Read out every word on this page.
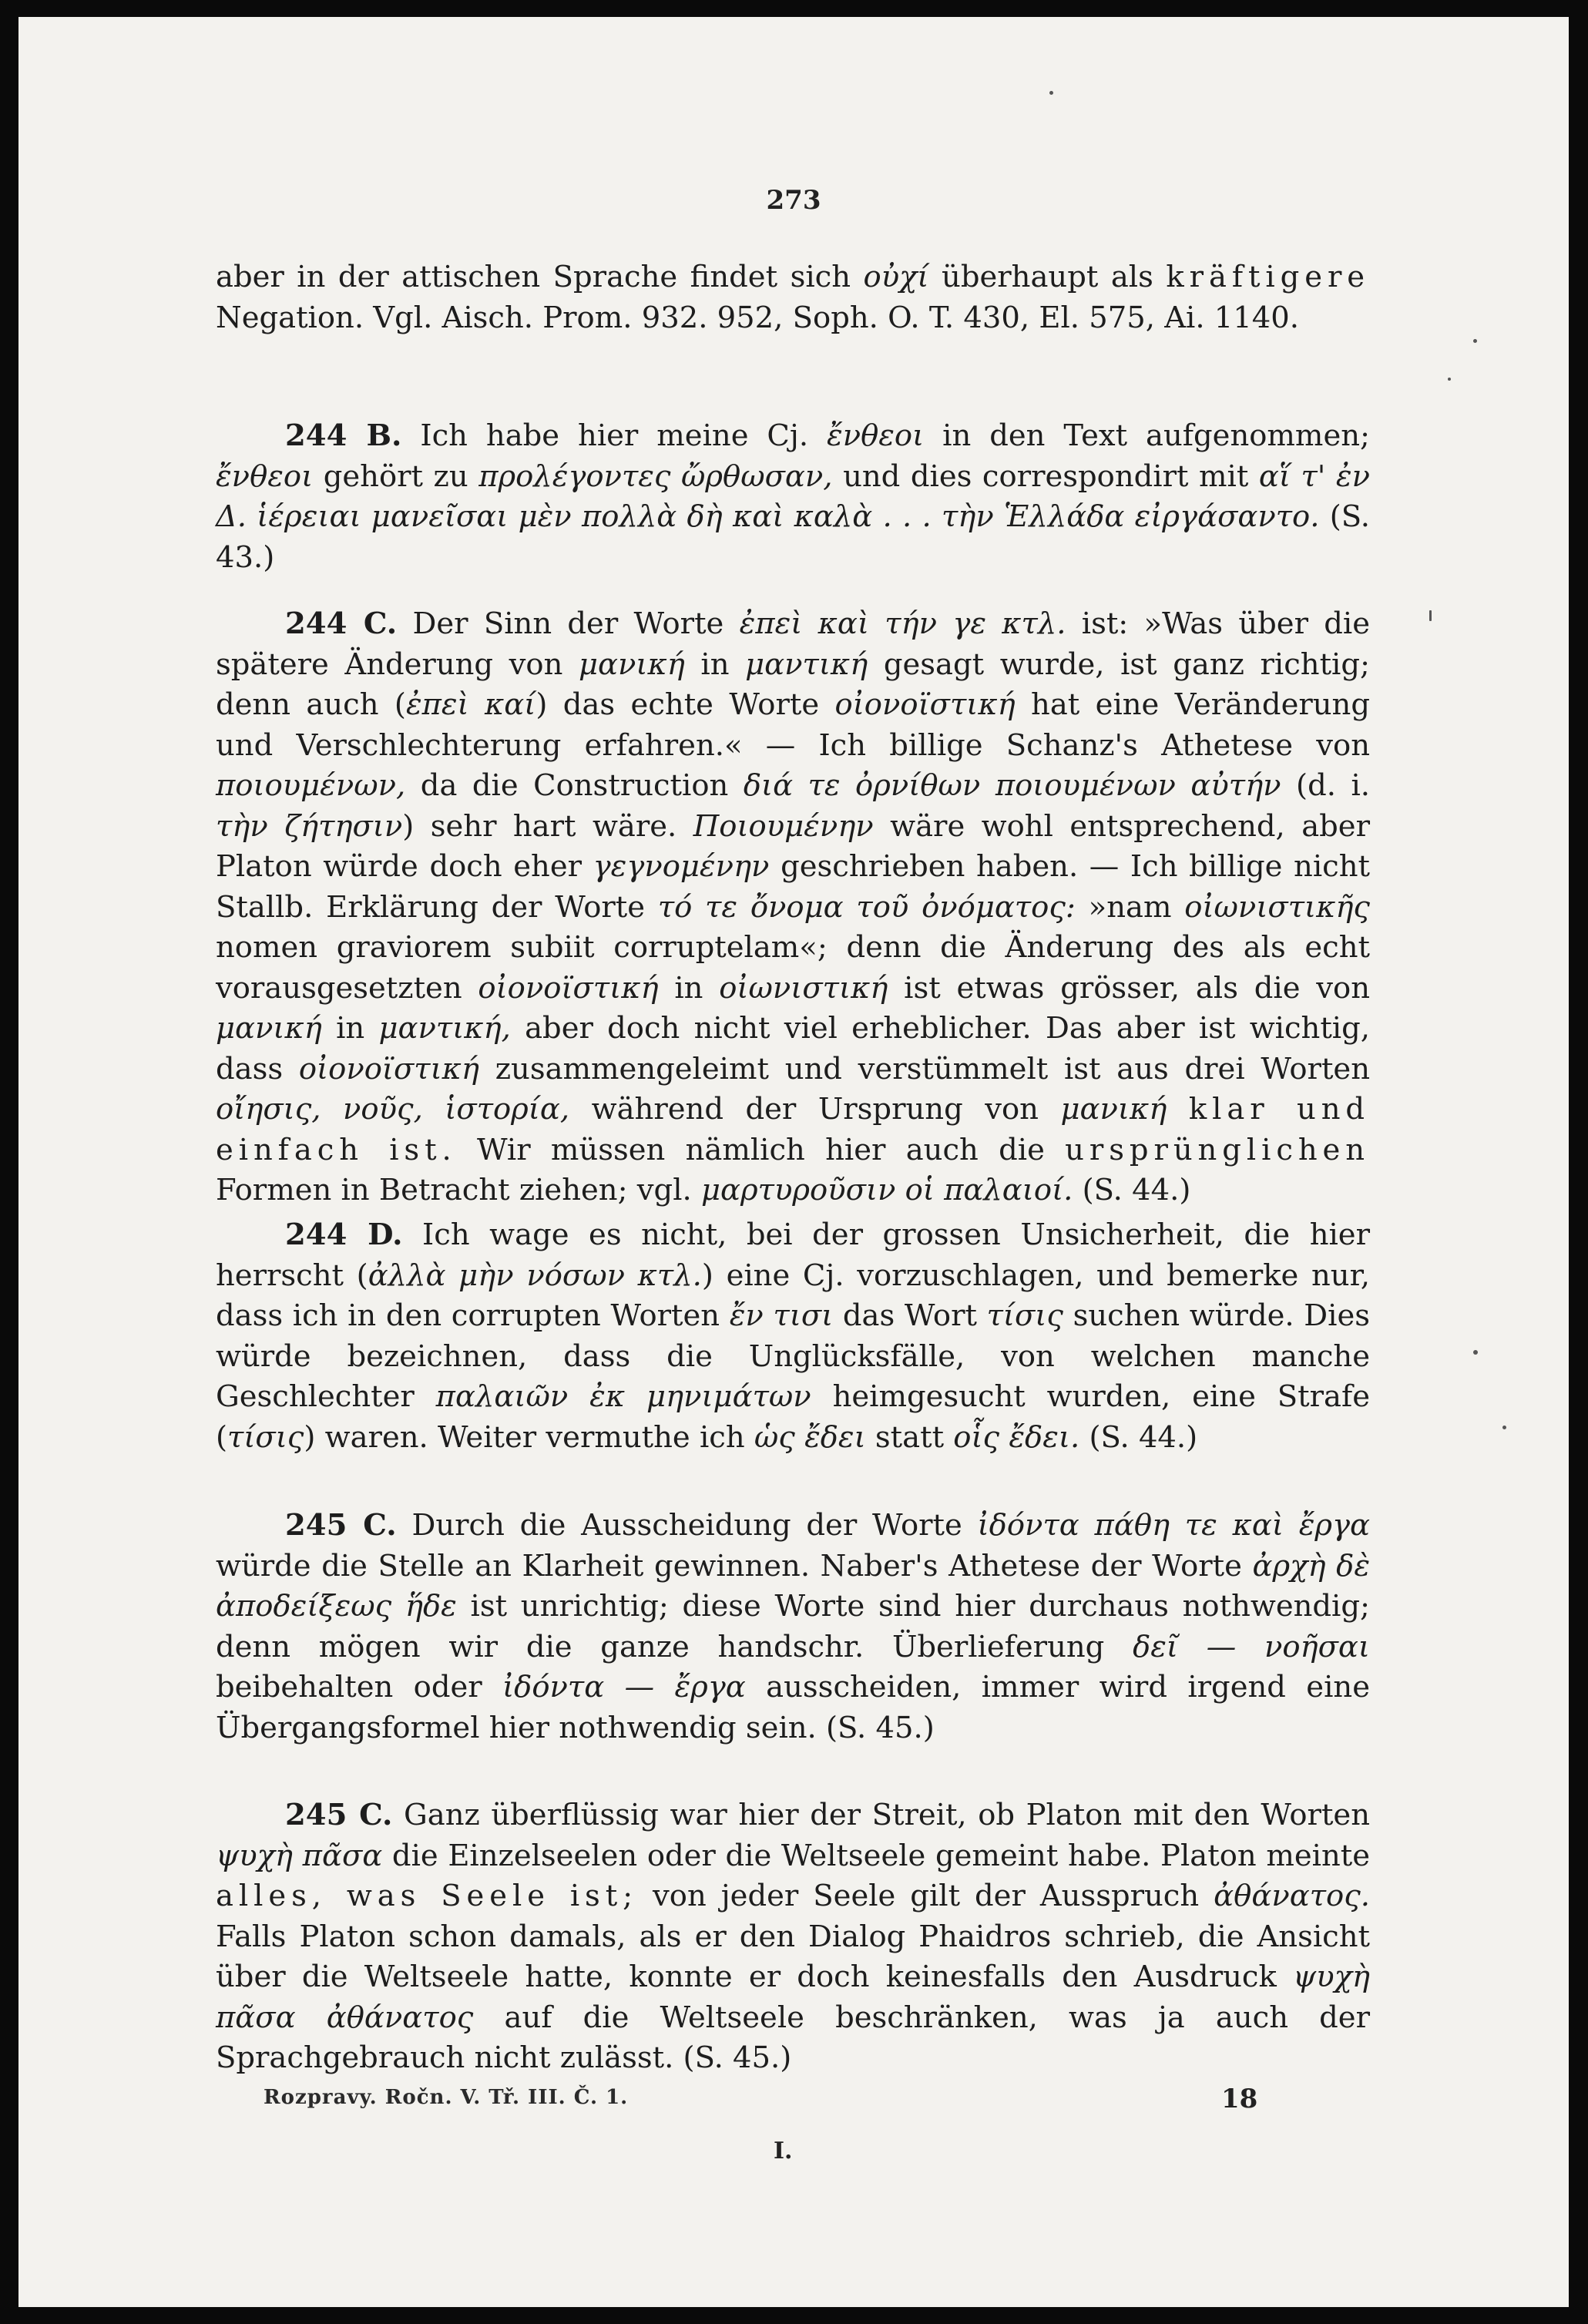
273

aber in der attischen Sprache findet sich οὐχί überhaupt als kräftigere Negation. Vgl. Aisch. Prom. 932. 952, Soph. O. T. 430, El. 575, Ai. 1140.

244 B. Ich habe hier meine Cj. ἔνθεοι in den Text aufgenommen; ἔνθεοι gehört zu προλέγοντες ὤρθωσαν, und dies correspondirt mit αἵ τ' ἐν Δ. ἱέρειαι μανεῖσαι μὲν πολλὰ δὴ καὶ καλὰ . . . τὴν Ἑλλάδα εἰργάσαντο. (S. 43.)

244 C. Der Sinn der Worte ἐπεὶ καὶ τήν γε κτλ. ist: »Was über die spätere Änderung von μανική in μαντική gesagt wurde, ist ganz richtig; denn auch (ἐπεὶ καί) das echte Worte οἰονοϊστική hat eine Veränderung und Verschlechterung erfahren.« — Ich billige Schanz's Athetese von ποιουμένων, da die Construction διά τε ὀρνίθων ποιουμένων αὐτήν (d. i. τὴν ζήτησιν) sehr hart wäre. Ποιουμένην wäre wohl entsprechend, aber Platon würde doch eher γεγνομένην geschrieben haben. — Ich billige nicht Stallb. Erklärung der Worte τό τε ὄνομα τοῦ ὀνόματος: »nam οἰωνιστικῆς nomen graviorem subiit corruptelam«; denn die Änderung des als echt vorausgesetzten οἰονοϊστική in οἰωνιστική ist etwas grösser, als die von μανική in μαντική, aber doch nicht viel erheblicher. Das aber ist wichtig, dass οἰονοϊστική zusammengeleimt und verstümmelt ist aus drei Worten οἴησις, νοῦς, ἱστορία, während der Ursprung von μανική klar und einfach ist. Wir müssen nämlich hier auch die ursprünglichen Formen in Betracht ziehen; vgl. μαρτυροῦσιν οἱ παλαιοί. (S. 44.)

244 D. Ich wage es nicht, bei der grossen Unsicherheit, die hier herrscht (ἀλλὰ μὴν νόσων κτλ.) eine Cj. vorzuschlagen, und bemerke nur, dass ich in den corrupten Worten ἔν τισι das Wort τίσις suchen würde. Dies würde bezeichnen, dass die Unglücksfälle, von welchen manche Geschlechter παλαιῶν ἐκ μηνιμάτων heimgesucht wurden, eine Strafe (τίσις) waren. Weiter vermuthe ich ὡς ἔδει statt οἷς ἔδει. (S. 44.)

245 C. Durch die Ausscheidung der Worte ἰδόντα πάθη τε καὶ ἔργα würde die Stelle an Klarheit gewinnen. Naber's Athetese der Worte ἀρχὴ δὲ ἀποδείξεως ἥδε ist unrichtig; diese Worte sind hier durchaus nothwendig; denn mögen wir die ganze handschr. Überlieferung δεῖ — νοῆσαι beibehalten oder ἰδόντα — ἔργα ausscheiden, immer wird irgend eine Übergangsformel hier nothwendig sein. (S. 45.)

245 C. Ganz überflüssig war hier der Streit, ob Platon mit den Worten ψυχὴ πᾶσα die Einzelseelen oder die Weltseele gemeint habe. Platon meinte alles, was Seele ist; von jeder Seele gilt der Ausspruch ἀθάνατος. Falls Platon schon damals, als er den Dialog Phaidros schrieb, die Ansicht über die Weltseele hatte, konnte er doch keinesfalls den Ausdruck ψυχὴ πᾶσα ἀθάνατος auf die Weltseele beschränken, was ja auch der Sprachgebrauch nicht zulässt. (S. 45.)

Rozpravy. Ročn. V. Tř. III. Č. 1.	18
I.
